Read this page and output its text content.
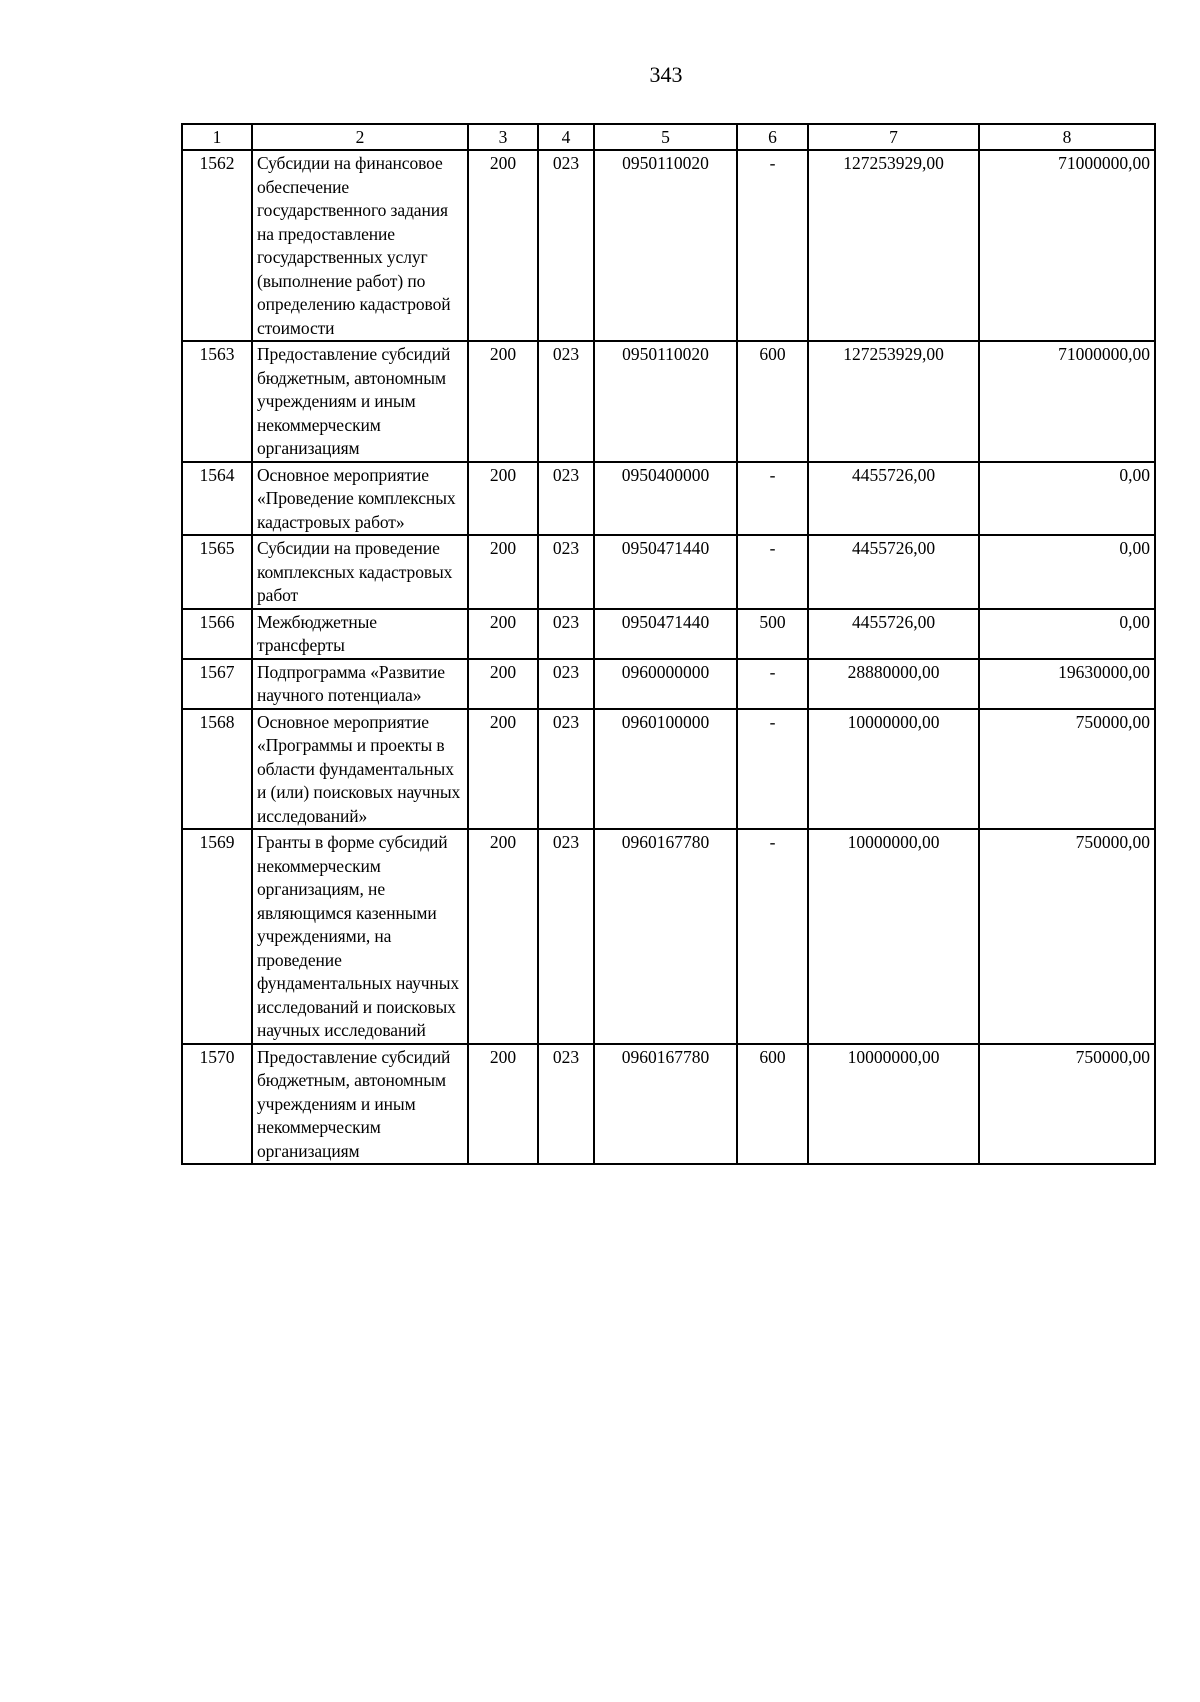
343
1	2	3	4	5	6	7	8
1562	Субсидии на финансовое обеспечение государственного задания на предоставление государственных услуг (выполнение работ) по определению кадастровой стоимости	200	023	0950110020	-	127253929,00	71000000,00
1563	Предоставление субсидий бюджетным, автономным учреждениям и иным некоммерческим организациям	200	023	0950110020	600	127253929,00	71000000,00
1564	Основное мероприятие «Проведение комплексных кадастровых работ»	200	023	0950400000	-	4455726,00	0,00
1565	Субсидии на проведение комплексных кадастровых работ	200	023	0950471440	-	4455726,00	0,00
1566	Межбюджетные трансферты	200	023	0950471440	500	4455726,00	0,00
1567	Подпрограмма «Развитие научного потенциала»	200	023	0960000000	-	28880000,00	19630000,00
1568	Основное мероприятие «Программы и проекты в области фундаментальных и (или) поисковых научных исследований»	200	023	0960100000	-	10000000,00	750000,00
1569	Гранты в форме субсидий некоммерческим организациям, не являющимся казенными учреждениями, на проведение фундаментальных научных исследований и поисковых научных исследований	200	023	0960167780	-	10000000,00	750000,00
1570	Предоставление субсидий бюджетным, автономным учреждениям и иным некоммерческим организациям	200	023	0960167780	600	10000000,00	750000,00
